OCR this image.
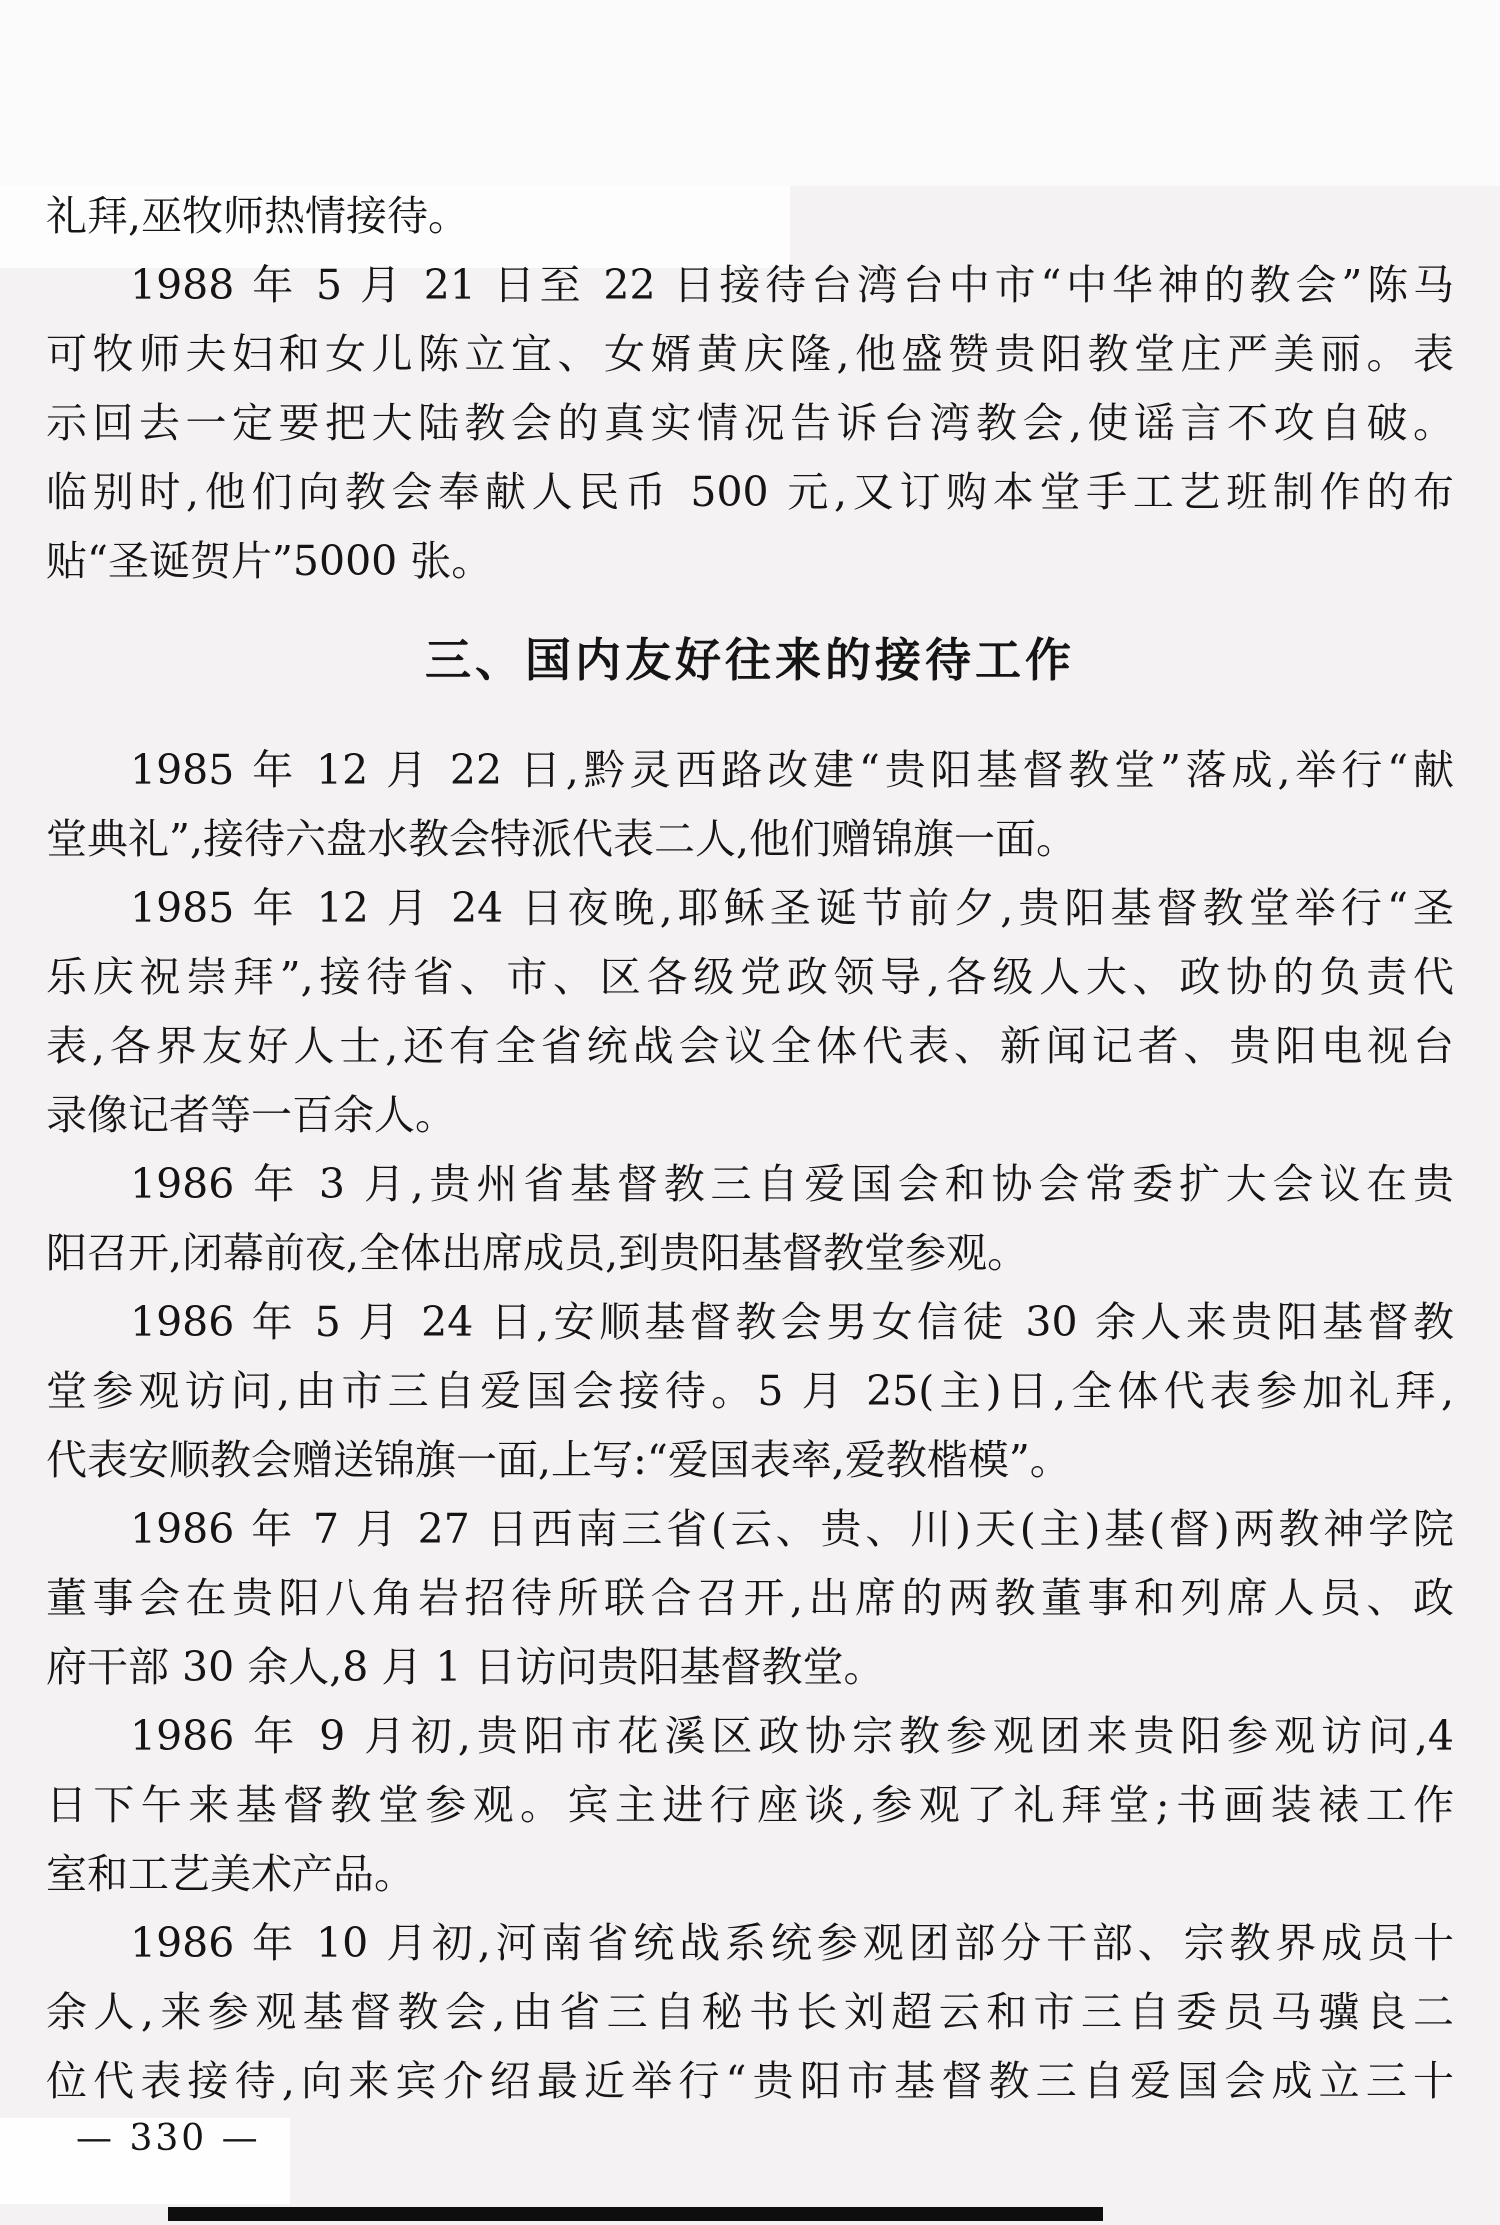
礼拜,巫牧师热情接待。
1988 年 5 月 21 日至 22 日接待台湾台中市“中华神的教会”陈马
可牧师夫妇和女儿陈立宜、女婿黄庆隆,他盛赞贵阳教堂庄严美丽。表
示回去一定要把大陆教会的真实情况告诉台湾教会,使谣言不攻自破。
临别时,他们向教会奉献人民币 500 元,又订购本堂手工艺班制作的布
贴“圣诞贺片”5000 张。
三、国内友好往来的接待工作
1985 年 12 月 22 日,黔灵西路改建“贵阳基督教堂”落成,举行“献
堂典礼”,接待六盘水教会特派代表二人,他们赠锦旗一面。
1985 年 12 月 24 日夜晚,耶稣圣诞节前夕,贵阳基督教堂举行“圣
乐庆祝崇拜”,接待省、市、区各级党政领导,各级人大、政协的负责代
表,各界友好人士,还有全省统战会议全体代表、新闻记者、贵阳电视台
录像记者等一百余人。
1986 年 3 月,贵州省基督教三自爱国会和协会常委扩大会议在贵
阳召开,闭幕前夜,全体出席成员,到贵阳基督教堂参观。
1986 年 5 月 24 日,安顺基督教会男女信徒 30 余人来贵阳基督教
堂参观访问,由市三自爱国会接待。5 月 25(主)日,全体代表参加礼拜,
代表安顺教会赠送锦旗一面,上写:“爱国表率,爱教楷模”。
1986 年 7 月 27 日西南三省(云、贵、川)天(主)基(督)两教神学院
董事会在贵阳八角岩招待所联合召开,出席的两教董事和列席人员、政
府干部 30 余人,8 月 1 日访问贵阳基督教堂。
1986 年 9 月初,贵阳市花溪区政协宗教参观团来贵阳参观访问,4
日下午来基督教堂参观。宾主进行座谈,参观了礼拜堂;书画装裱工作
室和工艺美术产品。
1986 年 10 月初,河南省统战系统参观团部分干部、宗教界成员十
余人,来参观基督教会,由省三自秘书长刘超云和市三自委员马骥良二
位代表接待,向来宾介绍最近举行“贵阳市基督教三自爱国会成立三十
— 330 —
